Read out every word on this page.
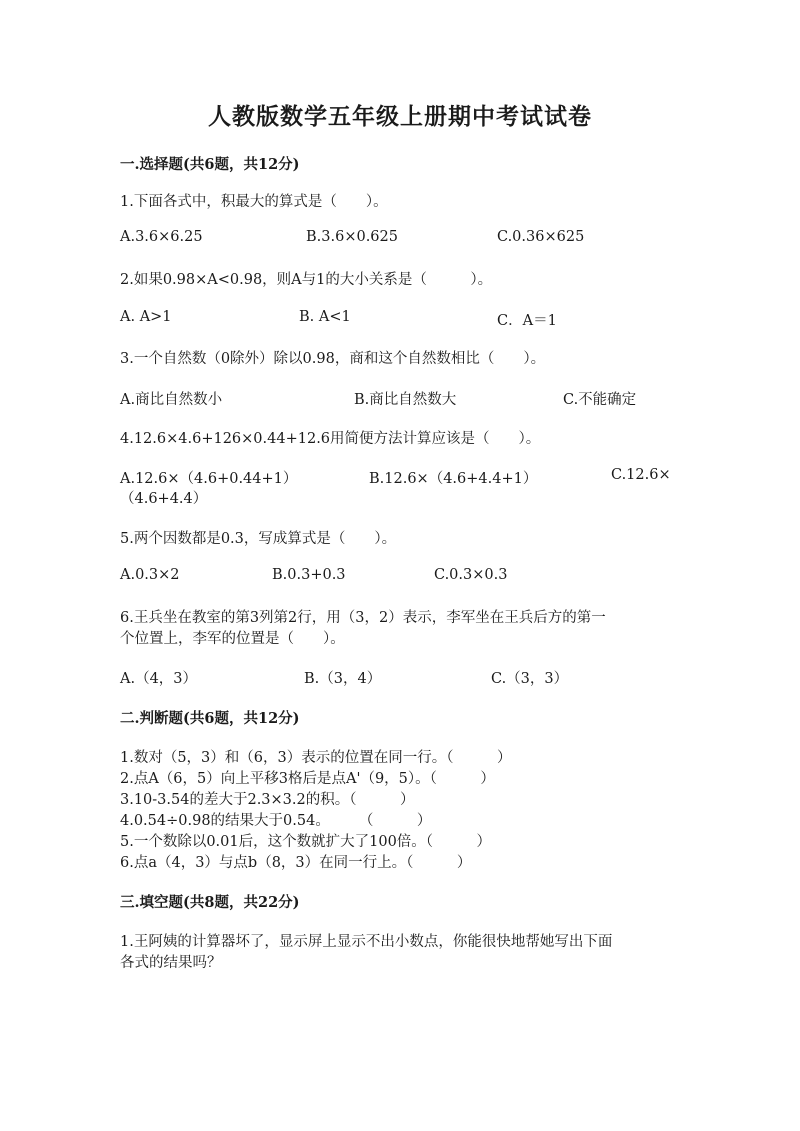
人教版数学五年级上册期中考试试卷
一.选择题(共6题，共12分)
1.下面各式中，积最大的算式是（　　）。
A.3.6×6.25	B.3.6×0.625	C.0.36×625
2.如果0.98×A<0.98，则A与1的大小关系是（　　　）。
A. A>1	B. A<1	C．A＝1
3.一个自然数（0除外）除以0.98，商和这个自然数相比（　　）。
A.商比自然数小	B.商比自然数大	C.不能确定
4.12.6×4.6+126×0.44+12.6用简便方法计算应该是（　　）。
A.12.6×（4.6+0.44+1）	B.12.6×（4.6+4.4+1）	C.12.6×
（4.6+4.4）
5.两个因数都是0.3，写成算式是（　　）。
A.0.3×2	B.0.3+0.3	C.0.3×0.3
6.王兵坐在教室的第3列第2行，用（3，2）表示，李军坐在王兵后方的第一
个位置上，李军的位置是（　　）。
A.（4，3）	B.（3，4）	C.（3，3）
二.判断题(共6题，共12分)
1.数对（5，3）和（6，3）表示的位置在同一行。（　　　）
2.点A（6，5）向上平移3格后是点A'（9，5）。（　　　）
3.10-3.54的差大于2.3×3.2的积。（　　　）
4.0.54÷0.98的结果大于0.54。　　　（　　　）
5.一个数除以0.01后，这个数就扩大了100倍。（　　　）
6.点a（4，3）与点b（8，3）在同一行上。（　　　）
三.填空题(共8题，共22分)
1.王阿姨的计算器坏了，显示屏上显示不出小数点，你能很快地帮她写出下面
各式的结果吗？
